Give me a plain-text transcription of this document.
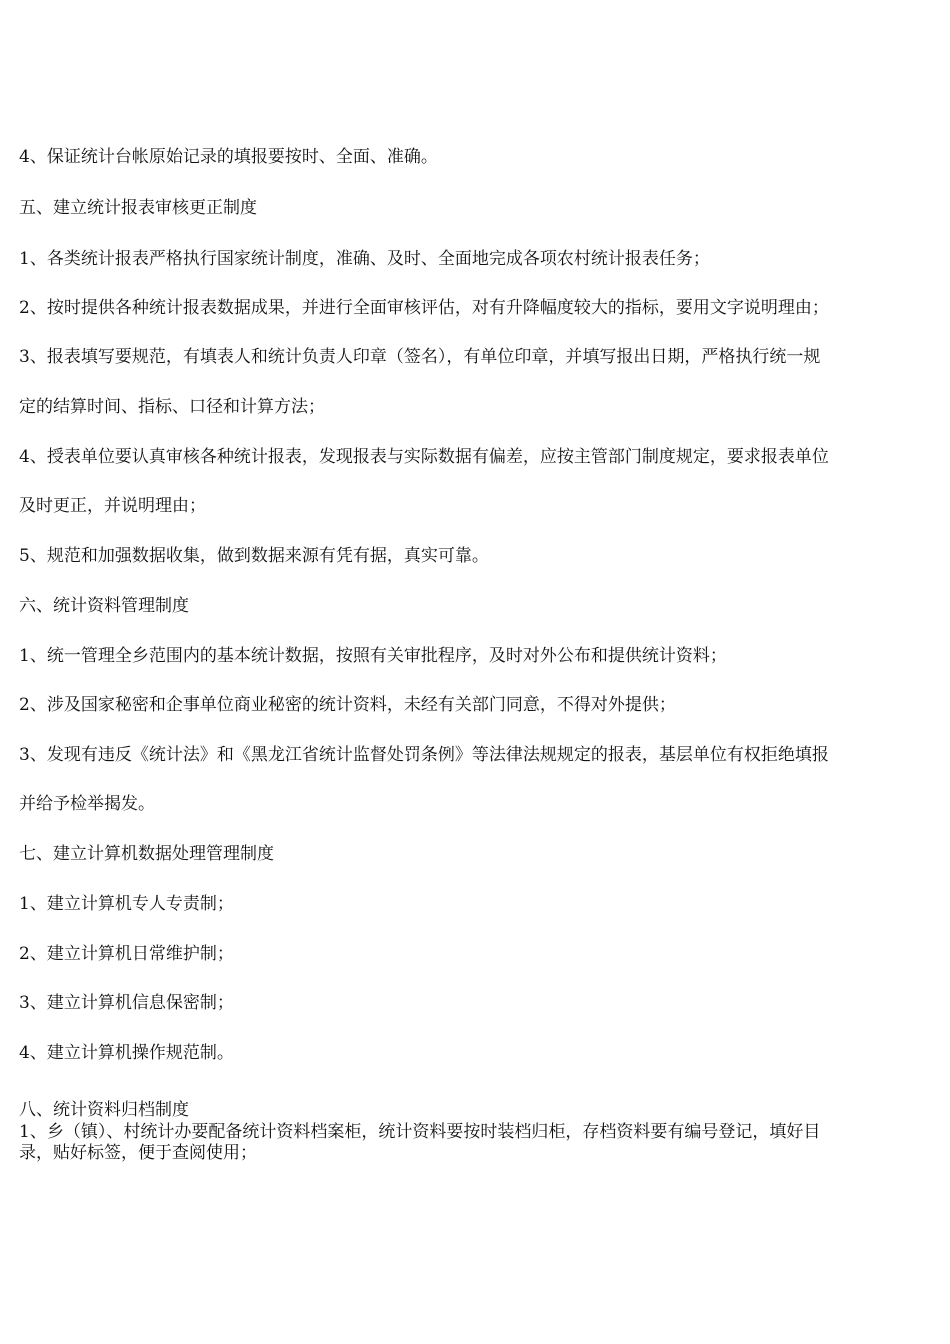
4、保证统计台帐原始记录的填报要按时、全面、准确。
五、建立统计报表审核更正制度
1、各类统计报表严格执行国家统计制度，准确、及时、全面地完成各项农村统计报表任务；
2、按时提供各种统计报表数据成果，并进行全面审核评估，对有升降幅度较大的指标，要用文字说明理由；
3、报表填写要规范，有填表人和统计负责人印章（签名），有单位印章，并填写报出日期，严格执行统一规
定的结算时间、指标、口径和计算方法；
4、授表单位要认真审核各种统计报表，发现报表与实际数据有偏差，应按主管部门制度规定，要求报表单位
及时更正，并说明理由；
5、规范和加强数据收集，做到数据来源有凭有据，真实可靠。
六、统计资料管理制度
1、统一管理全乡范围内的基本统计数据，按照有关审批程序，及时对外公布和提供统计资料；
2、涉及国家秘密和企事单位商业秘密的统计资料，未经有关部门同意，不得对外提供；
3、发现有违反《统计法》和《黑龙江省统计监督处罚条例》等法律法规规定的报表，基层单位有权拒绝填报
并给予检举揭发。
七、建立计算机数据处理管理制度
1、建立计算机专人专责制；
2、建立计算机日常维护制；
3、建立计算机信息保密制；
4、建立计算机操作规范制。
八、统计资料归档制度
1、乡（镇）、村统计办要配备统计资料档案柜，统计资料要按时装档归柜，存档资料要有编号登记，填好目
录，贴好标签，便于查阅使用；
